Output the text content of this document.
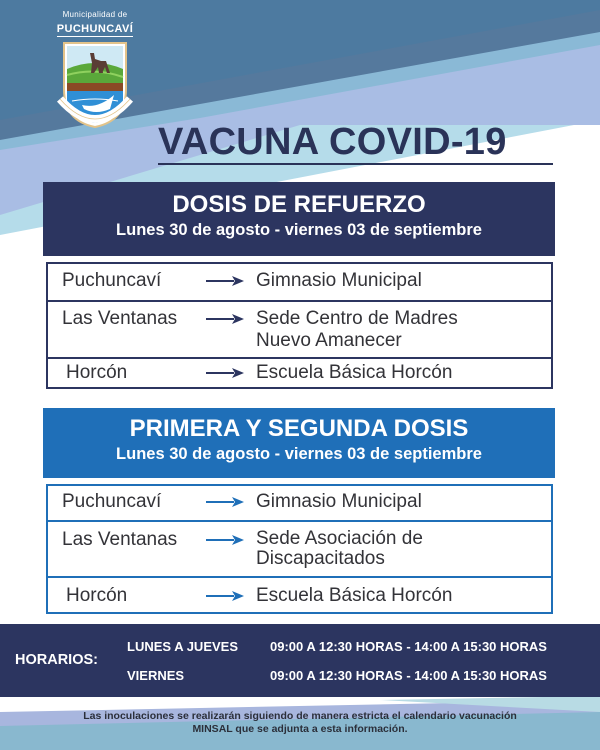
Municipalidad de
PUCHUNCAVÍ
VACUNA COVID-19
DOSIS DE REFUERZO
Lunes 30 de agosto - viernes 03 de septiembre
Puchuncaví	Gimnasio Municipal
Las Ventanas	Sede Centro de Madres
Nuevo Amanecer
Horcón	Escuela Básica Horcón
PRIMERA Y SEGUNDA DOSIS
Lunes 30 de agosto - viernes 03 de septiembre
Puchuncaví	Gimnasio Municipal
Las Ventanas	Sede Asociación de
Discapacitados
Horcón	Escuela Básica Horcón
HORARIOS:
LUNES A JUEVES 09:00 A 12:30 HORAS - 14:00 A 15:30 HORAS
VIERNES	09:00 A 12:30 HORAS - 14:00 A 15:30 HORAS
Las inoculaciones se realizarán siguiendo de manera estricta el calendario vacunación
MINSAL que se adjunta a esta información.
